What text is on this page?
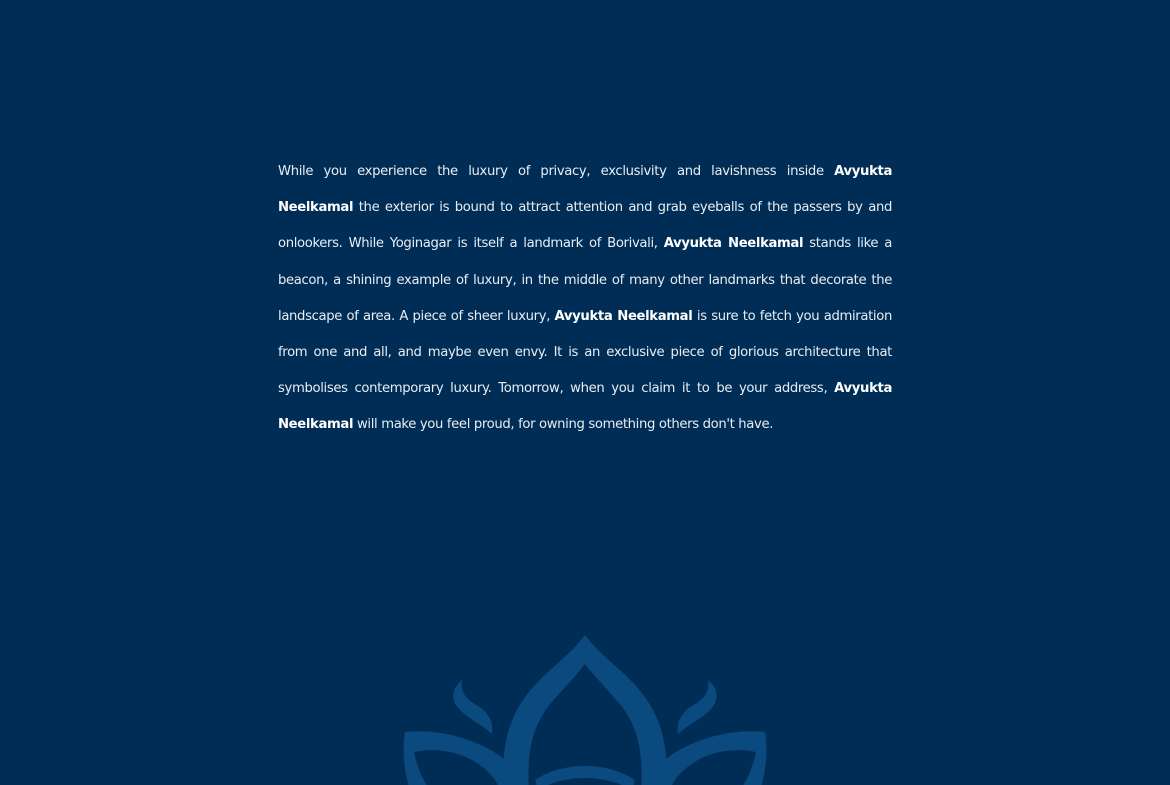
While you experience the luxury of privacy, exclusivity and lavishness inside Avyukta Neelkamal the exterior is bound to attract attention and grab eyeballs of the passers by and onlookers. While Yoginagar is itself a landmark of Borivali, Avyukta Neelkamal stands like a beacon, a shining example of luxury, in the middle of many other landmarks that decorate the landscape of area. A piece of sheer luxury, Avyukta Neelkamal is sure to fetch you admiration from one and all, and maybe even envy. It is an exclusive piece of glorious architecture that symbolises contemporary luxury. Tomorrow, when you claim it to be your address, Avyukta Neelkamal will make you feel proud, for owning something others don't have.
